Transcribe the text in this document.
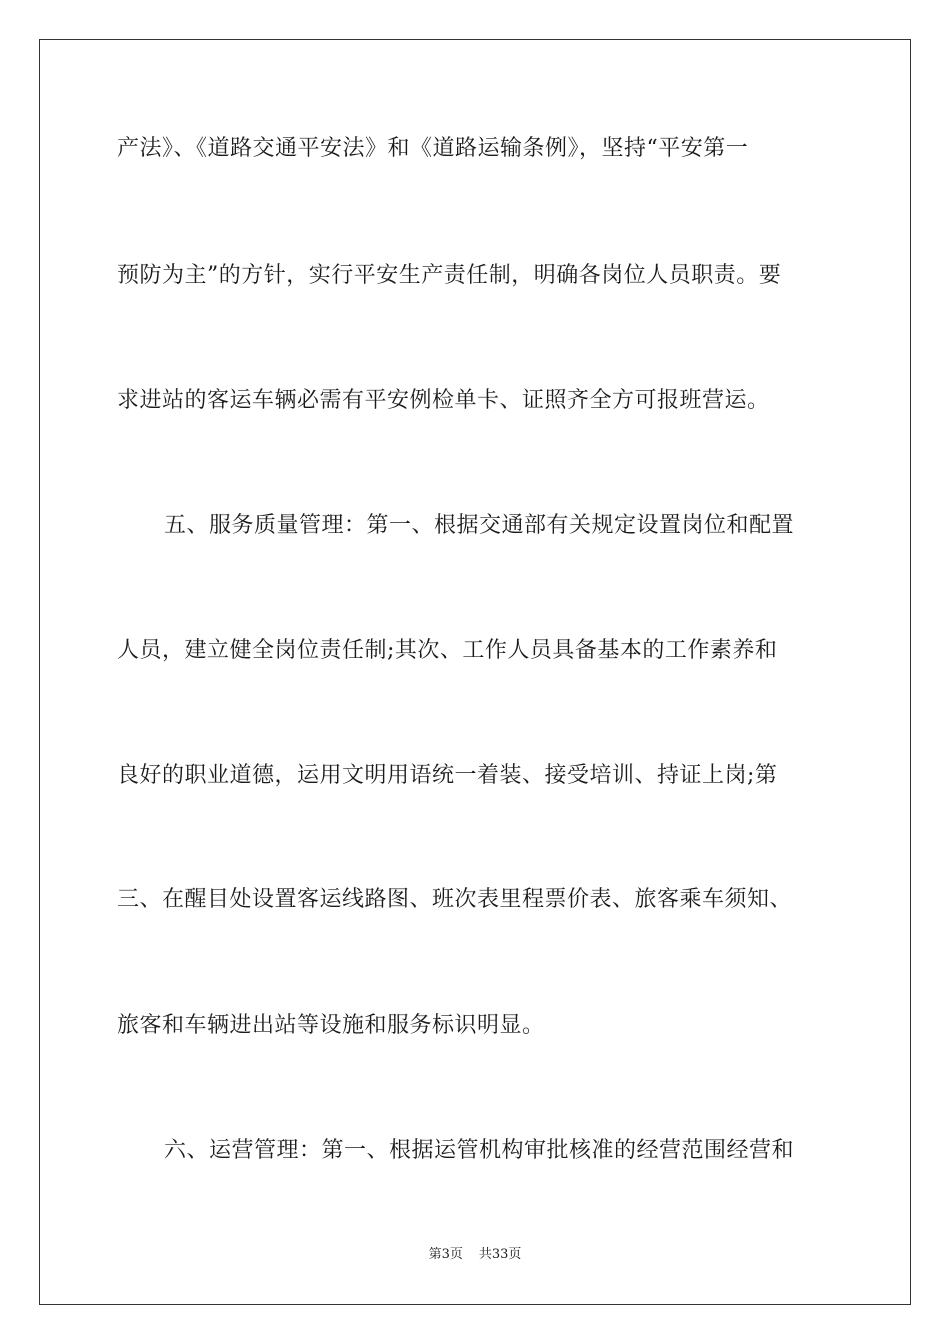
产法》、《道路交通平安法》和《道路运输条例》，坚持“平安第一
预防为主”的方针，实行平安生产责任制，明确各岗位人员职责。要
求进站的客运车辆必需有平安例检单卡、证照齐全方可报班营运。
五、服务质量管理：第一、根据交通部有关规定设置岗位和配置
人员，建立健全岗位责任制;其次、工作人员具备基本的工作素养和
良好的职业道德，运用文明用语统一着装、接受培训、持证上岗;第
三、在醒目处设置客运线路图、班次表里程票价表、旅客乘车须知、
旅客和车辆进出站等设施和服务标识明显。
六、运营管理：第一、根据运管机构审批核准的经营范围经营和
第3页 共33页
